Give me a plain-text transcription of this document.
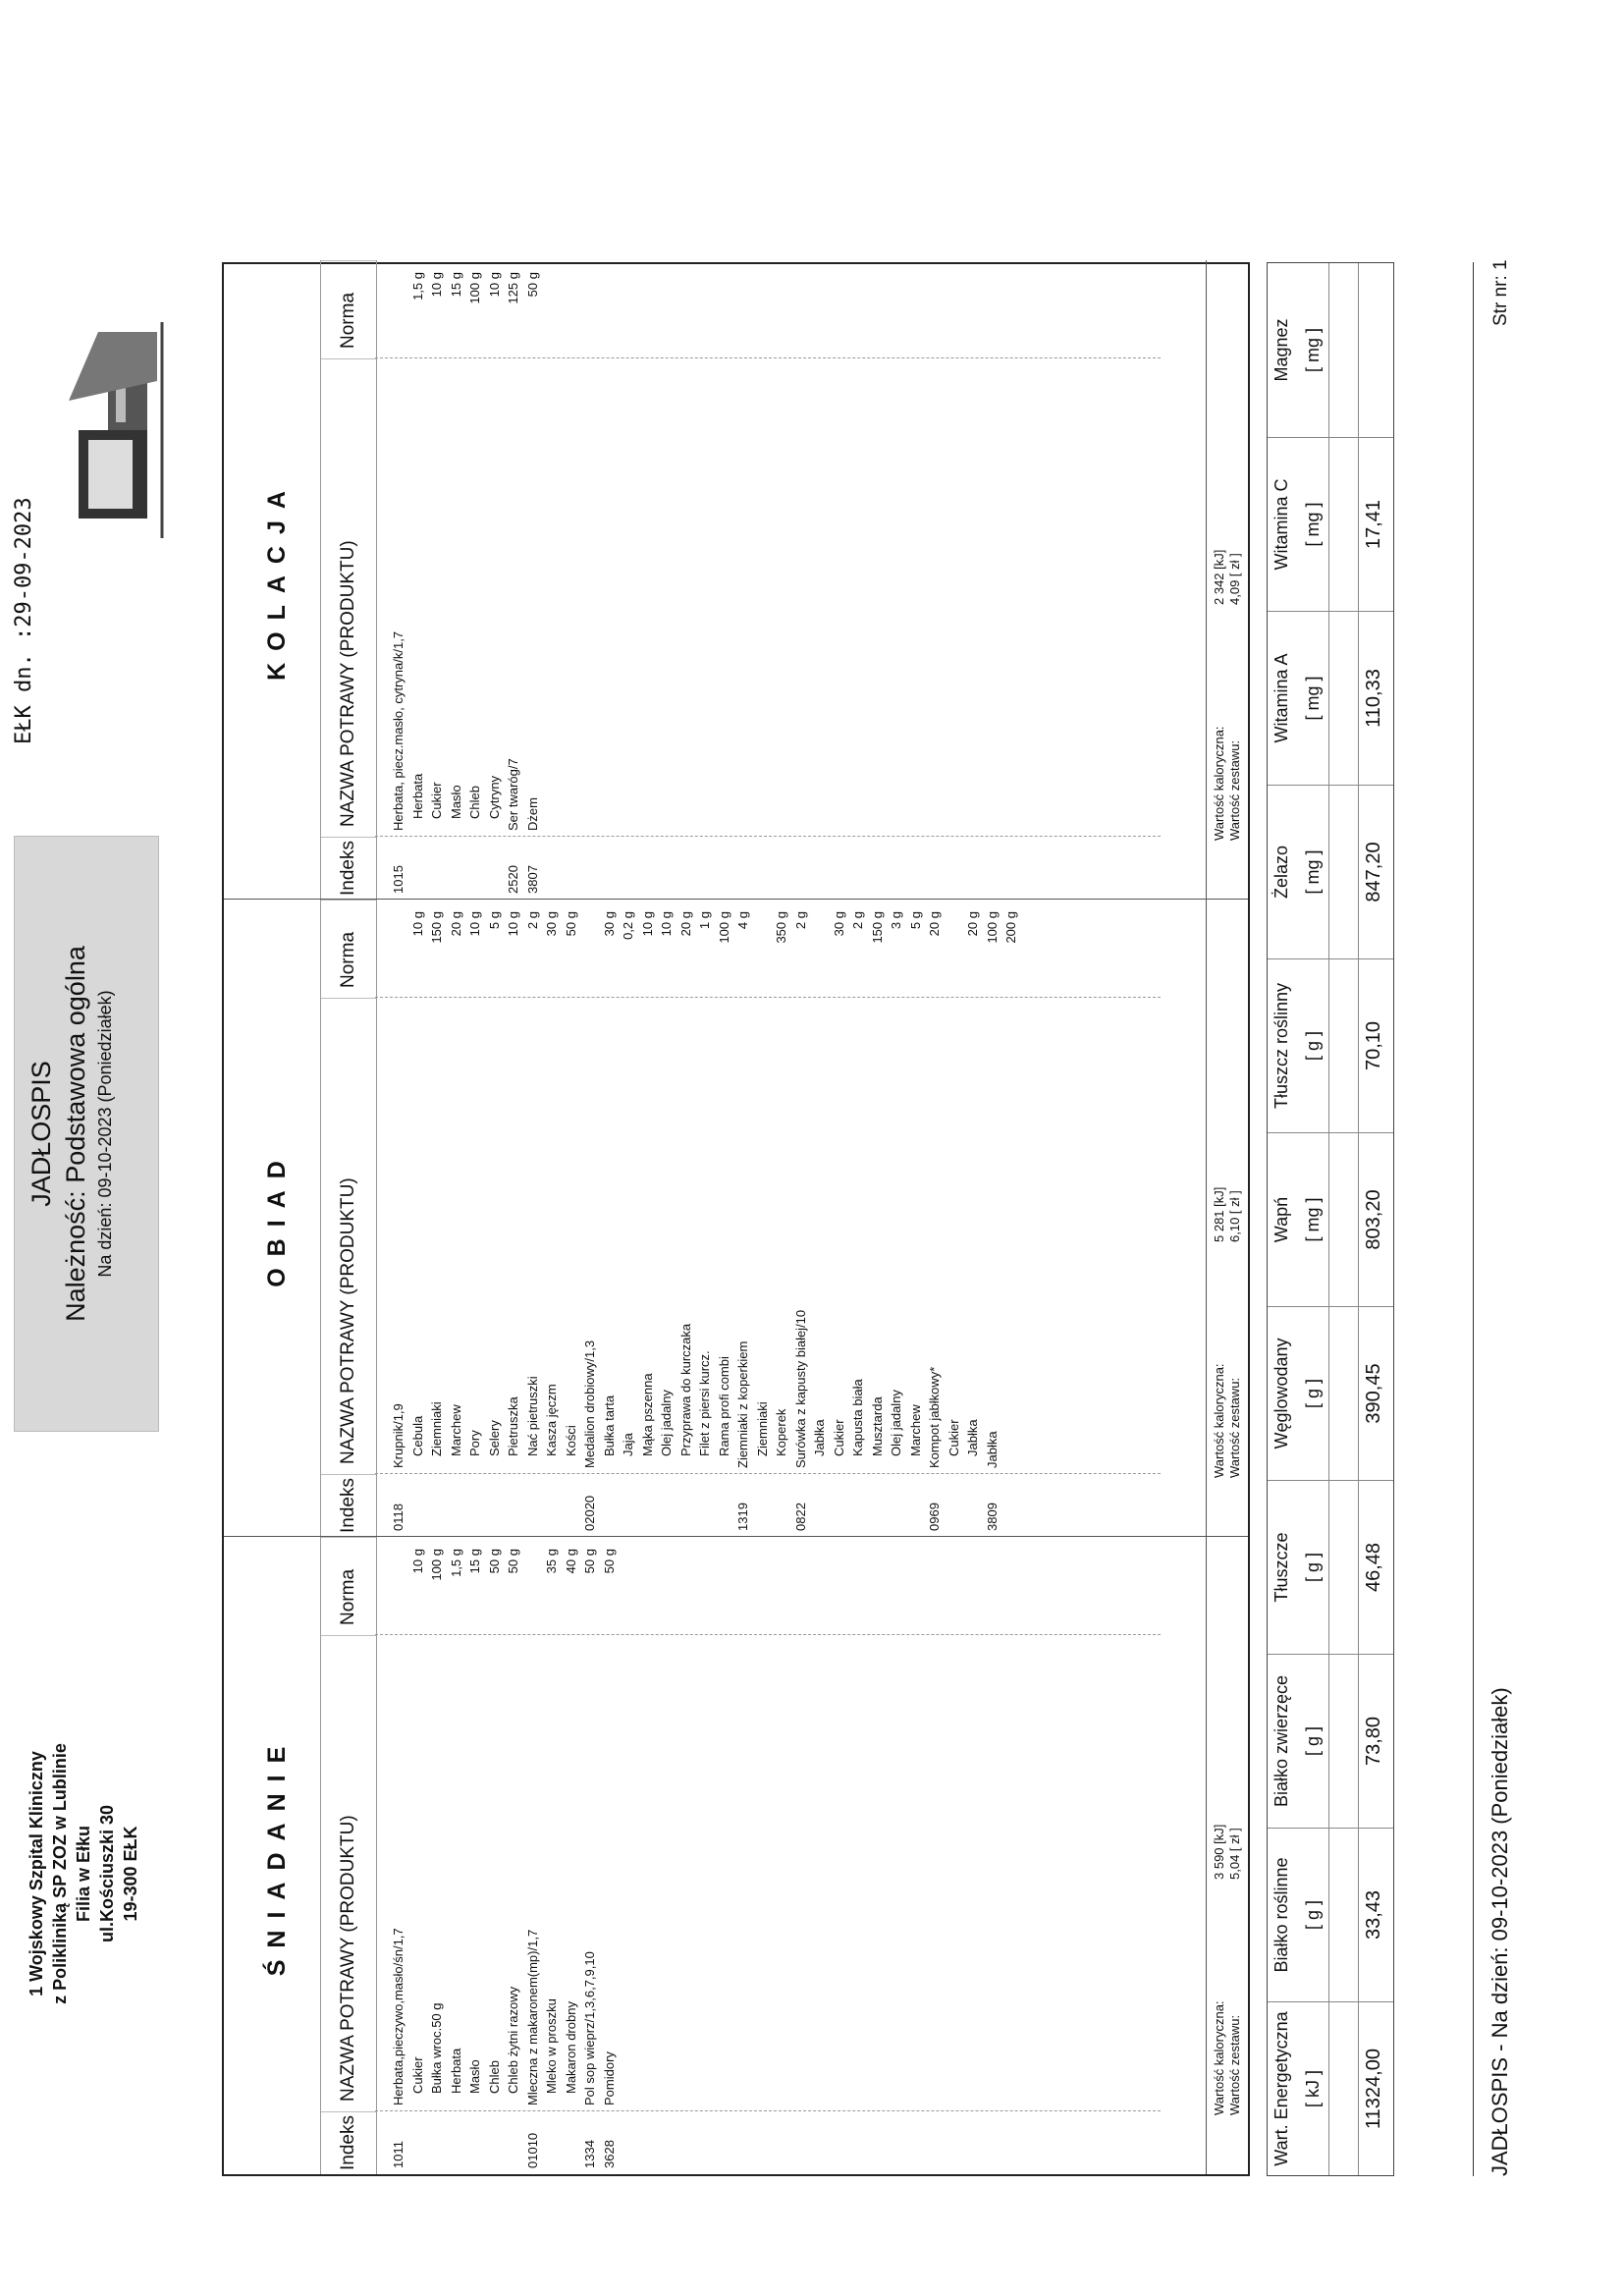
1 Wojskowy Szpital Kliniczny z Polikliniką SP ZOZ w Lublinie Filia w Ełku ul.Kościuszki 30 19-300 EŁK
JADŁOSPIS Należność: Podstawowa ogólna Na dzień: 09-10-2023 (Poniedziałek)
EŁK dn. :29-09-2023
ŚNIADANIE
Indeks
NAZWA POTRAWY (PRODUKTU)
Norma
1011
Herbata,pieczywo,masło/śn/1,7 Cukier
10 g
Bułka wroc.50 g
100 g
Herbata
1,5 g
Masło
15 g
Chleb
50 g
Chleb żytni razowy
50 g
01010
Mleczna z makaronem(mp)/1,7 Mleko w proszku
35 g
Makaron drobny
40 g
1334
Pol sop wieprz/1,3,6,7,9,10
50 g
3628
Pomidory
50 g
Wartość kaloryczna:
3 590 [kJ]
Wartość zestawu:
5,04 [ zł ]
OBIAD
Indeks
NAZWA POTRAWY (PRODUKTU)
Norma
0118
Krupnik/1,9 Cebula
10 g
Ziemniaki
150 g
Marchew
20 g
Pory
10 g
Selery
5 g
Pietruszka
10 g
Nać pietruszki
2 g
Kasza jęczm
30 g
Kości
50 g
02020
Medalion drobiowy/1,3 Bułka tarta
30 g
Jaja
0,2 g
Mąka pszenna
10 g
Olej jadalny
10 g
Przyprawa do kurczaka
20 g
Filet z piersi kurcz.
1 g
Rama profi combi
100 g
1319
Ziemniaki z koperkiem
4 g
Ziemniaki Koperek
350 g
0822
Surówka z kapusty białej/10
2 g
Jabłka Cukier
30 g
Kapusta biała
2 g
Musztarda
150 g
Olej jadalny
3 g
Marchew
5 g
0969
Kompot jabłkowy*
20 g
Cukier Jabłka
20 g
3809
Jabłka
100 g 200 g
Wartość kaloryczna:
5 281 [kJ]
Wartość zestawu:
6,10 [ zł ]
KOLACJA
Indeks
NAZWA POTRAWY (PRODUKTU)
Norma
1015
Herbata, piecz.masło, cytryna/k/1,7 Herbata
1,5 g
Cukier
10 g
Masło
15 g
Chleb
100 g
Cytryny
10 g
2520
Ser twaróg/7
125 g
3807
Dżem
50 g
Wartość kaloryczna:
2 342 [kJ]
Wartość zestawu:
4,09 [ zł ]
Wart. Energetyczna [ kJ ] 11324,00
Białko roślinne [ g ] 33,43
Białko zwierzęce [ g ] 73,80
Tłuszcze [ g ] 46,48
Węglowodany [ g ] 390,45
Wapń [ mg ] 803,20
Tłuszcz roślinny [ g ] 70,10
Żelazo [ mg ] 847,20
Witamina A [ mg ] 110,33
Witamina C [ mg ] 17,41
Magnez [ mg ]
JADŁOSPIS - Na dzień: 09-10-2023 (Poniedziałek)
Str nr: 1
